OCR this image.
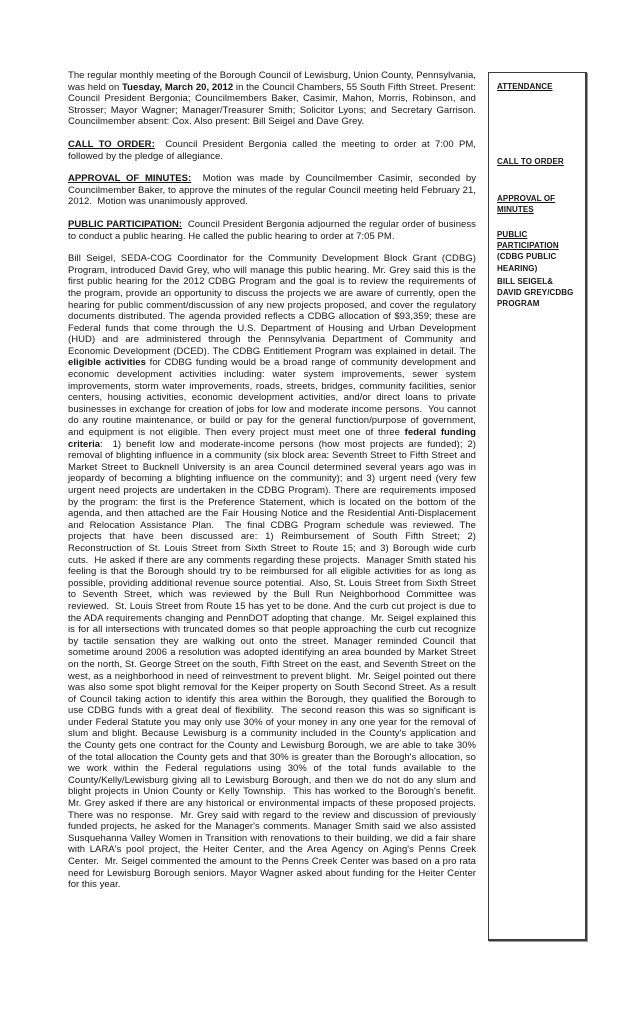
The regular monthly meeting of the Borough Council of Lewisburg, Union County, Pennsylvania, was held on Tuesday, March 20, 2012 in the Council Chambers, 55 South Fifth Street. Present: Council President Bergonia; Councilmembers Baker, Casimir, Mahon, Morris, Robinson, and Strosser; Mayor Wagner; Manager/Treasurer Smith; Solicitor Lyons; and Secretary Garrison. Councilmember absent: Cox. Also present: Bill Seigel and Dave Grey.

CALL TO ORDER:  Council President Bergonia called the meeting to order at 7:00 PM, followed by the pledge of allegiance.

APPROVAL OF MINUTES:  Motion was made by Councilmember Casimir, seconded by Councilmember Baker, to approve the minutes of the regular Council meeting held February 21, 2012.  Motion was unanimously approved.

PUBLIC PARTICIPATION:  Council President Bergonia adjourned the regular order of business to conduct a public hearing. He called the public hearing to order at 7:05 PM.

Bill Seigel, SEDA-COG Coordinator for the Community Development Block Grant (CDBG) Program, introduced David Grey, who will manage this public hearing. Mr. Grey said this is the first public hearing for the 2012 CDBG Program and the goal is to review the requirements of the program, provide an opportunity to discuss the projects we are aware of currently, open the hearing for public comment/discussion of any new projects proposed, and cover the regulatory documents distributed. The agenda provided reflects a CDBG allocation of $93,359; these are Federal funds that come through the U.S. Department of Housing and Urban Development (HUD) and are administered through the Pennsylvania Department of Community and Economic Development (DCED). The CDBG Entitlement Program was explained in detail. The eligible activities for CDBG funding would be a broad range of community development and economic development activities including: water system improvements, sewer system improvements, storm water improvements, roads, streets, bridges, community facilities, senior centers, housing activities, economic development activities, and/or direct loans to private businesses in exchange for creation of jobs for low and moderate income persons.  You cannot do any routine maintenance, or build or pay for the general function/purpose of government, and equipment is not eligible. Then every project must meet one of three federal funding criteria:  1) benefit low and moderate-income persons (how most projects are funded); 2) removal of blighting influence in a community (six block area: Seventh Street to Fifth Street and Market Street to Bucknell University is an area Council determined several years ago was in jeopardy of becoming a blighting influence on the community); and 3) urgent need (very few urgent need projects are undertaken in the CDBG Program). There are requirements imposed by the program: the first is the Preference Statement, which is located on the bottom of the agenda, and then attached are the Fair Housing Notice and the Residential Anti-Displacement and Relocation Assistance Plan.  The final CDBG Program schedule was reviewed. The projects that have been discussed are: 1) Reimbursement of South Fifth Street; 2) Reconstruction of St. Louis Street from Sixth Street to Route 15; and 3) Borough wide curb cuts.  He asked if there are any comments regarding these projects.  Manager Smith stated his feeling is that the Borough should try to be reimbursed for all eligible activities for as long as possible, providing additional revenue source potential.  Also, St. Louis Street from Sixth Street to Seventh Street, which was reviewed by the Bull Run Neighborhood Committee was reviewed.  St. Louis Street from Route 15 has yet to be done. And the curb cut project is due to the ADA requirements changing and PennDOT adopting that change.  Mr. Seigel explained this is for all intersections with truncated domes so that people approaching the curb cut recognize by tactile sensation they are walking out onto the street. Manager reminded Council that sometime around 2006 a resolution was adopted identifying an area bounded by Market Street on the north, St. George Street on the south, Fifth Street on the east, and Seventh Street on the west, as a neighborhood in need of reinvestment to prevent blight.  Mr. Seigel pointed out there was also some spot blight removal for the Keiper property on South Second Street. As a result of Council taking action to identify this area within the Borough, they qualified the Borough to use CDBG funds with a great deal of flexibility.  The second reason this was so significant is under Federal Statute you may only use 30% of your money in any one year for the removal of slum and blight. Because Lewisburg is a community included in the County's application and the County gets one contract for the County and Lewisburg Borough, we are able to take 30% of the total allocation the County gets and that 30% is greater than the Borough's allocation, so we work within the Federal regulations using 30% of the total funds available to the County/Kelly/Lewisburg giving all to Lewisburg Borough, and then we do not do any slum and blight projects in Union County or Kelly Township.  This has worked to the Borough's benefit.  Mr. Grey asked if there are any historical or environmental impacts of these proposed projects.  There was no response.  Mr. Grey said with regard to the review and discussion of previously funded projects, he asked for the Manager's comments. Manager Smith said we also assisted Susquehanna Valley Women in Transition with renovations to their building, we did a fair share with LARA's pool project, the Heiter Center, and the Area Agency on Aging's Penns Creek Center.  Mr. Seigel commented the amount to the Penns Creek Center was based on a pro rata need for Lewisburg Borough seniors. Mayor Wagner asked about funding for the Heiter Center for this year.

ATTENDANCE
CALL TO ORDER
APPROVAL OF
MINUTES
PUBLIC
PARTICIPATION
(CDBG PUBLIC
HEARING)
BILL SEIGEL&
DAVID GREY/CDBG
PROGRAM
